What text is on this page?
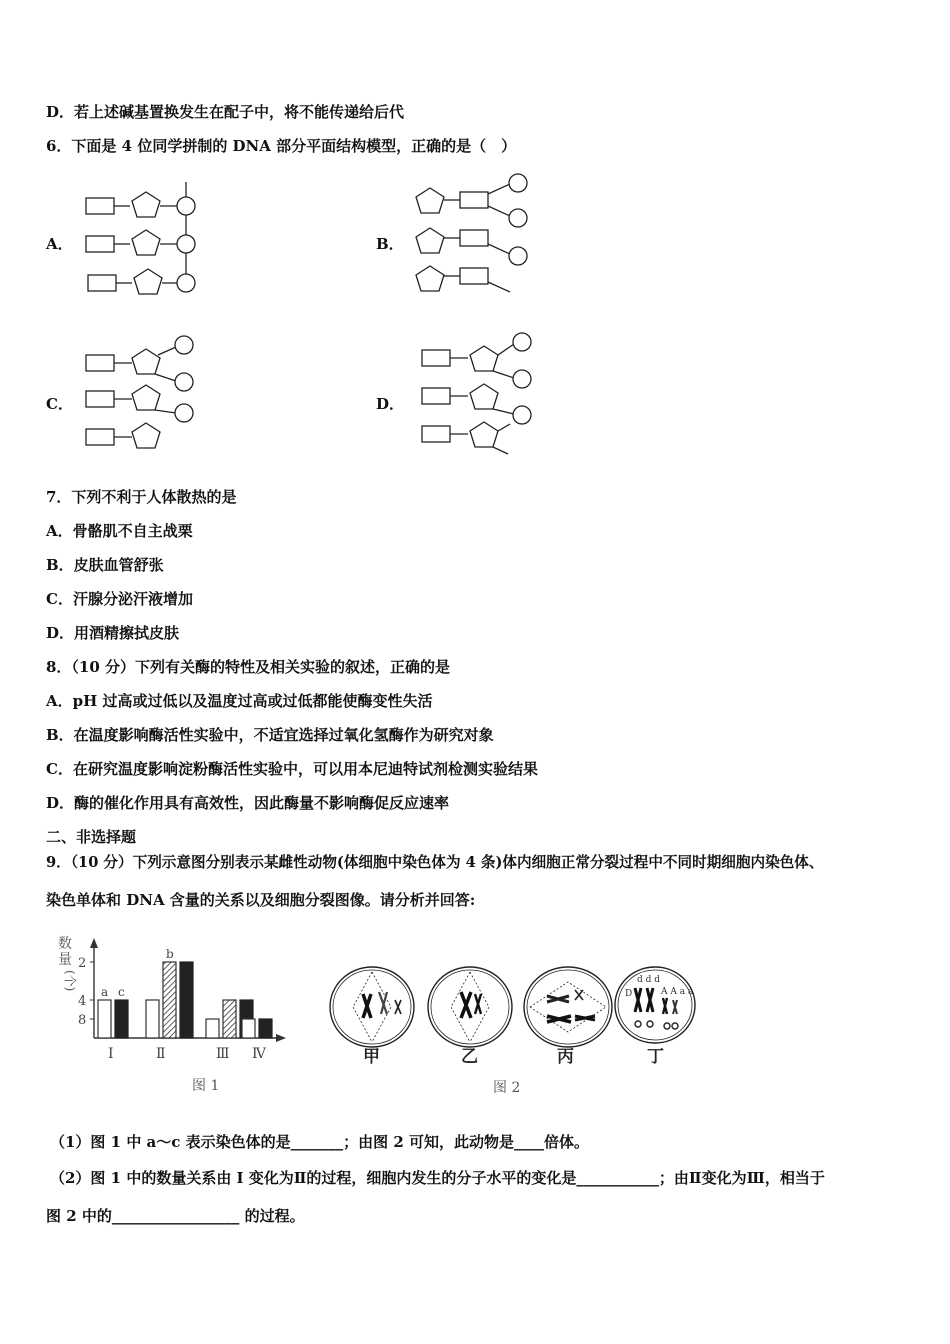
D．若上述碱基置换发生在配子中，将不能传递给后代
6．下面是 4 位同学拼制的 DNA 部分平面结构模型，正确的是（　）
A．	B．
C．	D．
7．下列不利于人体散热的是
A．骨骼肌不自主战栗
B．皮肤血管舒张
C．汗腺分泌汗液增加
D．用酒精擦拭皮肤
8．（10 分）下列有关酶的特性及相关实验的叙述，正确的是
A．pH 过高或过低以及温度过高或过低都能使酶变性失活
B．在温度影响酶活性实验中，不适宜选择过氧化氢酶作为研究对象
C．在研究温度影响淀粉酶活性实验中，可以用本尼迪特试剂检测实验结果
D．酶的催化作用具有高效性，因此酶量不影响酶促反应速率
二、非选择题
9．（10 分）下列示意图分别表示某雌性动物(体细胞中染色体为 4 条)体内细胞正常分裂过程中不同时期细胞内染色体、
染色单体和 DNA 含量的关系以及细胞分裂图像。请分析并回答:
数
量
(个)
8
4
2
a c
Ⅰ
b
Ⅱ	Ⅲ Ⅳ
图 1
d d d
D	A A a a
甲	乙	丙	丁
图 2
（1）图 1 中 a～c 表示染色体的是_______；由图 2 可知，此动物是____倍体。
（2）图 1 中的数量关系由 I 变化为Ⅱ的过程，细胞内发生的分子水平的变化是___________；由Ⅱ变化为Ⅲ，相当于
图 2 中的_________________ 的过程。
